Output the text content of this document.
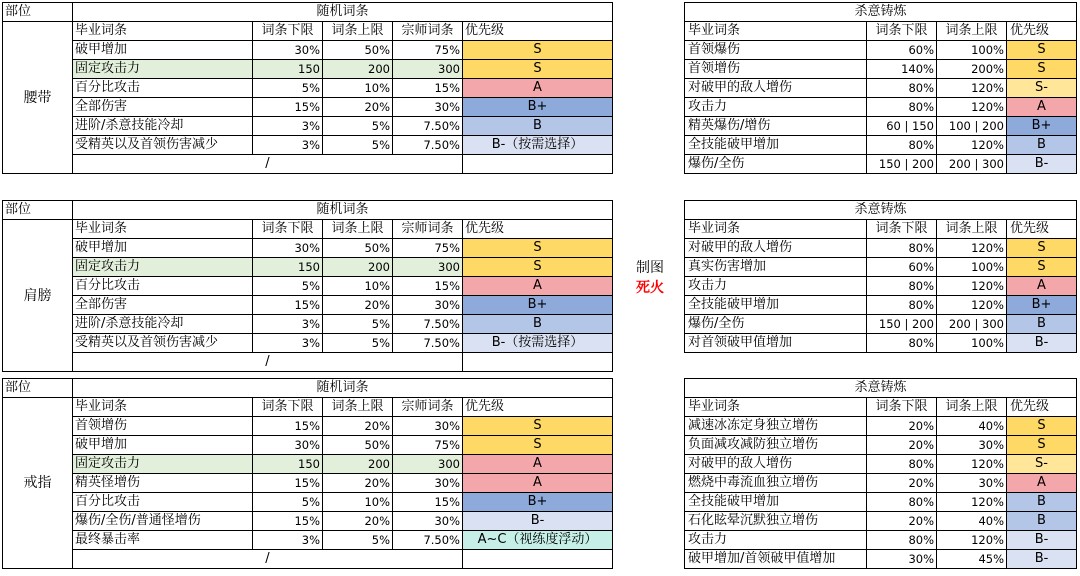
部位	随机词条				
腰带	毕业词条	词条下限	词条上限	宗师词条	优先级
	破甲增加	30%	50%	75%	S
	固定攻击力	150	200	300	S
	百分比攻击	5%	10%	15%	A
	全部伤害	15%	20%	30%	B+
	进阶/杀意技能冷却	3%	5%	7.50%	B
	受精英以及首领伤害减少	3%	5%	7.50%	B-（按需选择）
	/				
杀意铸炼			
毕业词条	词条下限	词条上限	优先级
首领爆伤	60%	100%	S
首领增伤	140%	200%	S
对破甲的敌人增伤	80%	120%	S-
攻击力	80%	120%	A
精英爆伤/增伤	60 | 150	100 | 200	B+
全技能破甲增加	80%	120%	B
爆伤/全伤	150 | 200	200 | 300	B-
部位	随机词条				
肩膀	毕业词条	词条下限	词条上限	宗师词条	优先级
	破甲增加	30%	50%	75%	S
	固定攻击力	150	200	300	S
	百分比攻击	5%	10%	15%	A
	全部伤害	15%	20%	30%	B+
	进阶/杀意技能冷却	3%	5%	7.50%	B
	受精英以及首领伤害减少	3%	5%	7.50%	B-（按需选择）
	/				
杀意铸炼			
毕业词条	词条下限	词条上限	优先级
对破甲的敌人增伤	80%	120%	S
真实伤害增加	60%	100%	S
攻击力	80%	120%	A
全技能破甲增加	80%	120%	B+
爆伤/全伤	150 | 200	200 | 300	B
对首领破甲值增加	80%	100%	B-
部位	随机词条				
戒指	毕业词条	词条下限	词条上限	宗师词条	优先级
	首领增伤	15%	20%	30%	S
	破甲增加	30%	50%	75%	S
	固定攻击力	150	200	300	A
	精英怪增伤	15%	20%	30%	A
	百分比攻击	5%	10%	15%	B+
	爆伤/全伤/普通怪增伤	15%	20%	30%	B-
	最终暴击率	3%	5%	7.50%	A~C（视练度浮动）
	/				
杀意铸炼			
毕业词条	词条下限	词条上限	优先级
减速冰冻定身独立增伤	20%	40%	S
负面减攻减防独立增伤	20%	30%	S
对破甲的敌人增伤	80%	120%	S-
燃烧中毒流血独立增伤	20%	30%	A
全技能破甲增加	80%	120%	B
石化眩晕沉默独立增伤	20%	40%	B
攻击力	80%	120%	B-
破甲增加/首领破甲值增加	30%	45%	B-
制图
死火
